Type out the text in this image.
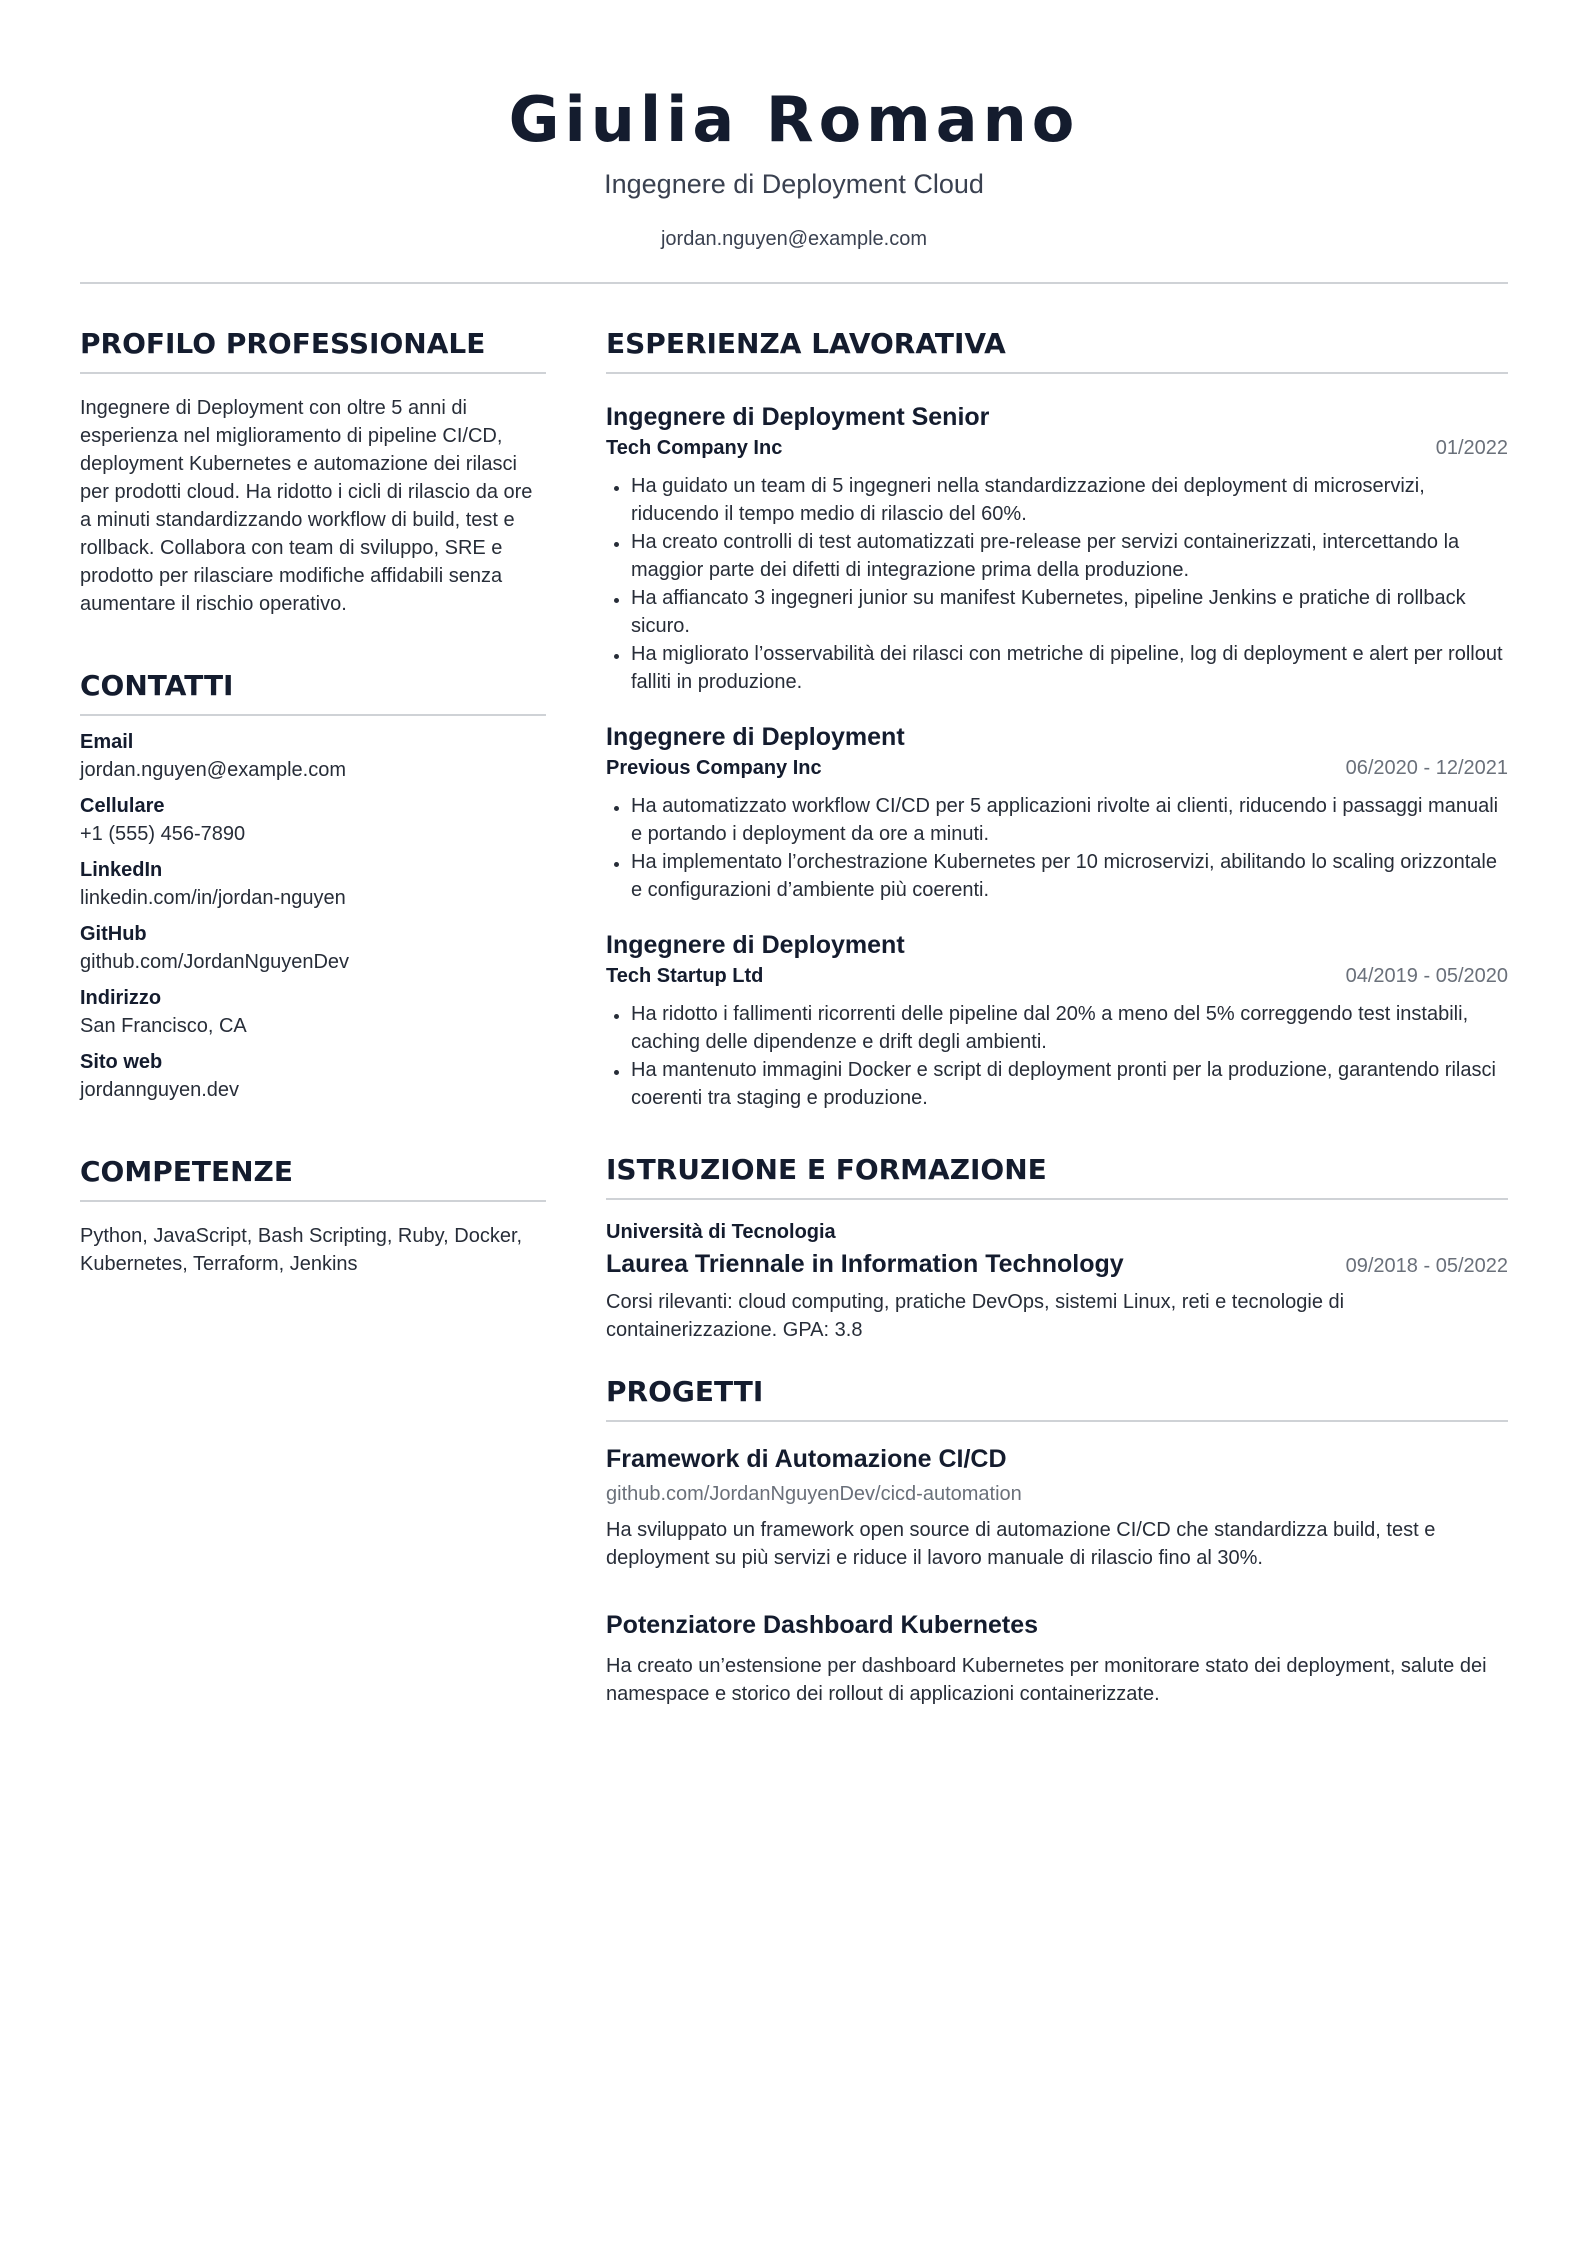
Giulia Romano
Ingegnere di Deployment Cloud
jordan.nguyen@example.com
PROFILO PROFESSIONALE
Ingegnere di Deployment con oltre 5 anni di esperienza nel miglioramento di pipeline CI/CD, deployment Kubernetes e automazione dei rilasci per prodotti cloud. Ha ridotto i cicli di rilascio da ore a minuti standardizzando workflow di build, test e rollback. Collabora con team di sviluppo, SRE e prodotto per rilasciare modifiche affidabili senza aumentare il rischio operativo.
CONTATTI
Email
jordan.nguyen@example.com
Cellulare
+1 (555) 456-7890
LinkedIn
linkedin.com/in/jordan-nguyen
GitHub
github.com/JordanNguyenDev
Indirizzo
San Francisco, CA
Sito web
jordannguyen.dev
COMPETENZE
Python, JavaScript, Bash Scripting, Ruby, Docker, Kubernetes, Terraform, Jenkins
ESPERIENZA LAVORATIVA
Ingegnere di Deployment Senior
Tech Company Inc	01/2022
Ha guidato un team di 5 ingegneri nella standardizzazione dei deployment di microservizi, riducendo il tempo medio di rilascio del 60%.
Ha creato controlli di test automatizzati pre-release per servizi containerizzati, intercettando la maggior parte dei difetti di integrazione prima della produzione.
Ha affiancato 3 ingegneri junior su manifest Kubernetes, pipeline Jenkins e pratiche di rollback sicuro.
Ha migliorato l’osservabilità dei rilasci con metriche di pipeline, log di deployment e alert per rollout falliti in produzione.
Ingegnere di Deployment
Previous Company Inc	06/2020 - 12/2021
Ha automatizzato workflow CI/CD per 5 applicazioni rivolte ai clienti, riducendo i passaggi manuali e portando i deployment da ore a minuti.
Ha implementato l’orchestrazione Kubernetes per 10 microservizi, abilitando lo scaling orizzontale e configurazioni d’ambiente più coerenti.
Ingegnere di Deployment
Tech Startup Ltd	04/2019 - 05/2020
Ha ridotto i fallimenti ricorrenti delle pipeline dal 20% a meno del 5% correggendo test instabili, caching delle dipendenze e drift degli ambienti.
Ha mantenuto immagini Docker e script di deployment pronti per la produzione, garantendo rilasci coerenti tra staging e produzione.
ISTRUZIONE E FORMAZIONE
Università di Tecnologia
Laurea Triennale in Information Technology	09/2018 - 05/2022
Corsi rilevanti: cloud computing, pratiche DevOps, sistemi Linux, reti e tecnologie di containerizzazione. GPA: 3.8
PROGETTI
Framework di Automazione CI/CD
github.com/JordanNguyenDev/cicd-automation
Ha sviluppato un framework open source di automazione CI/CD che standardizza build, test e deployment su più servizi e riduce il lavoro manuale di rilascio fino al 30%.
Potenziatore Dashboard Kubernetes
Ha creato un’estensione per dashboard Kubernetes per monitorare stato dei deployment, salute dei namespace e storico dei rollout di applicazioni containerizzate.
